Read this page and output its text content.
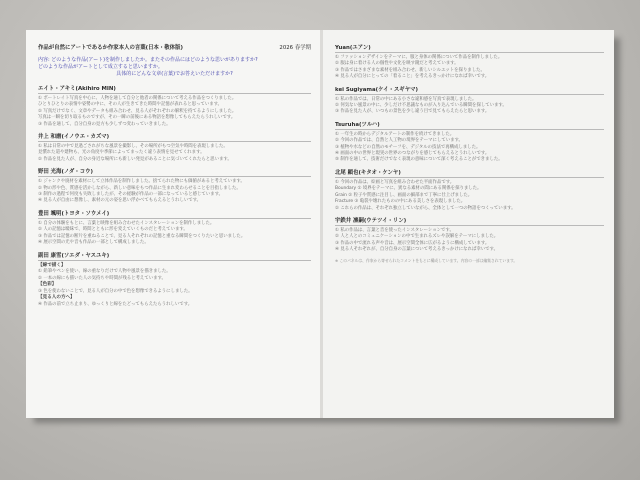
作品が自然にアートであるか作家本人の言葉(日本・敬体版)	2026 春学期
内容: どのような作品(アート)を制作しましたか。またその作品にはどのような思いがありますか?
どのような作品がアートとして成立すると思いますか。
具体的にどんな文章(言葉)でお答えいただけますか?
エイト・アキミ(Akihiro MIN)
① ポートレイト写真を中心に、人物を通して自分と他者の関係について考える作品をつくりました。
ひとりひとりの表情や姿勢の中に、その人が生きてきた時間や記憶が表れると思っています。
② 写真だけでなく、文章やデータも組み合わせ、見る人がそれぞれの解釈を持てるようにしました。
写真は一瞬を切り取るものですが、その一瞬の前後にある物語を想像してもらえたらうれしいです。
③ 作品を通して、自分自身の見方も少しずつ変わっていきました。
井上 和磨(イノウエ・カズマ)
① 私は日常の中で見過ごされがちな風景を撮影し、その場所がもつ空気や時間を表現しました。
見慣れた道や建物も、光の角度や季節によってまったく違う表情を見せてくれます。
② 作品を見た人が、自分の身近な場所にも新しい発見があることに気づいてくれたらと思います。
野田 光海(ノダ・コウ)
① ジャンクや廃材を素材にして立体作品を制作しました。捨てられた物にも価値があると考えています。
② 物の形や色、質感を活かしながら、新しい意味をもつ作品に生まれ変わらせることを目指しました。
③ 制作の過程で何度も失敗しましたが、その経験が作品の一部になっていると感じています。
④ 見る人が自由に想像し、素材の元の姿を思い浮かべてもらえるとうれしいです。
豊田 颯明(トヨタ・ソウメイ)
① 自分の体験をもとに、言葉と映像を組み合わせたインスタレーションを制作しました。
② 人の記憶は曖昧で、時間とともに形を変えていくものだと考えています。
③ 作品では記憶の断片を重ねることで、見る人それぞれの記憶と重なる瞬間をつくりたいと思いました。
④ 展示空間の光や音も作品の一部として構成しました。
副田 康雪(ソエダ・ヤスユキ)
【線で描く】
① 鉛筆やペンを使い、線の重なりだけで人物や風景を描きました。
② 一本の線にも描いた人の気持ちや時間が残ると考えています。
【色彩】
③ 色を使わないことで、見る人が自分の中で色を想像できるようにしました。
【見る人の方へ】
④ 作品の前で立ち止まり、ゆっくりと線をたどってもらえたらうれしいです。
Yuan(ユアン)
① ファッションデザインをテーマに、服と身体の関係について作品を制作しました。
② 服は身に着ける人の個性や文化を映す鏡だと考えています。
③ 作品ではさまざまな素材を組み合わせ、新しいシルエットを探りました。
④ 見る人が自分にとっての「着ること」を考えるきっかけになれば幸いです。
kei Sugiyama(ケイ・スギヤマ)
① 私の作品では、日常の中にある小さな違和感を写真で表現しました。
② 何気ない風景の中に、少しだけ不思議なものが入り込んでいる瞬間を探しています。
③ 作品を見た人が、いつもの景色を少し違う目で見てもらえたらと思います。
Tsuruha(ツルハ)
① 一年生の時からデジタルアートの制作を続けてきました。
② 今回の作品では、自然と人工物の境界をテーマにしています。
③ 植物や水などの自然のモチーフを、デジタルの技法で再構成しました。
④ 画面の中の世界と現実の世界のつながりを感じてもらえるとうれしいです。
⑤ 制作を通して、技術だけでなく表現の意味について深く考えることができました。
北尾 顕也(キタオ・ケンヤ)
① 今回の作品は、絵画と写真を組み合わせた平面作品です。
Boundary ① 境界をテーマに、異なる素材の間にある関係を探りました。
Grain ② 粒子や質感に注目し、画面の細部まで丁寧に仕上げました。
Fracture ③ 亀裂や壊れたものの中にある美しさを表現しました。
② これらの作品は、それぞれ独立していながら、全体として一つの物語をつくっています。
宇鉄井 凛嗣(ウテツイ・リン)
① 私の作品は、言葉と音を使ったインスタレーションです。
② 人と人とのコミュニケーションの中で生まれるズレや誤解をテーマにしました。
③ 作品の中で流れる声や音は、展示空間全体に広がるように構成しています。
④ 見る人それぞれが、自分自身の言葉について考えるきっかけになれば幸いです。
※ このパネルは、作家から寄せられたコメントをもとに構成しています。内容の一部は編集されています。
